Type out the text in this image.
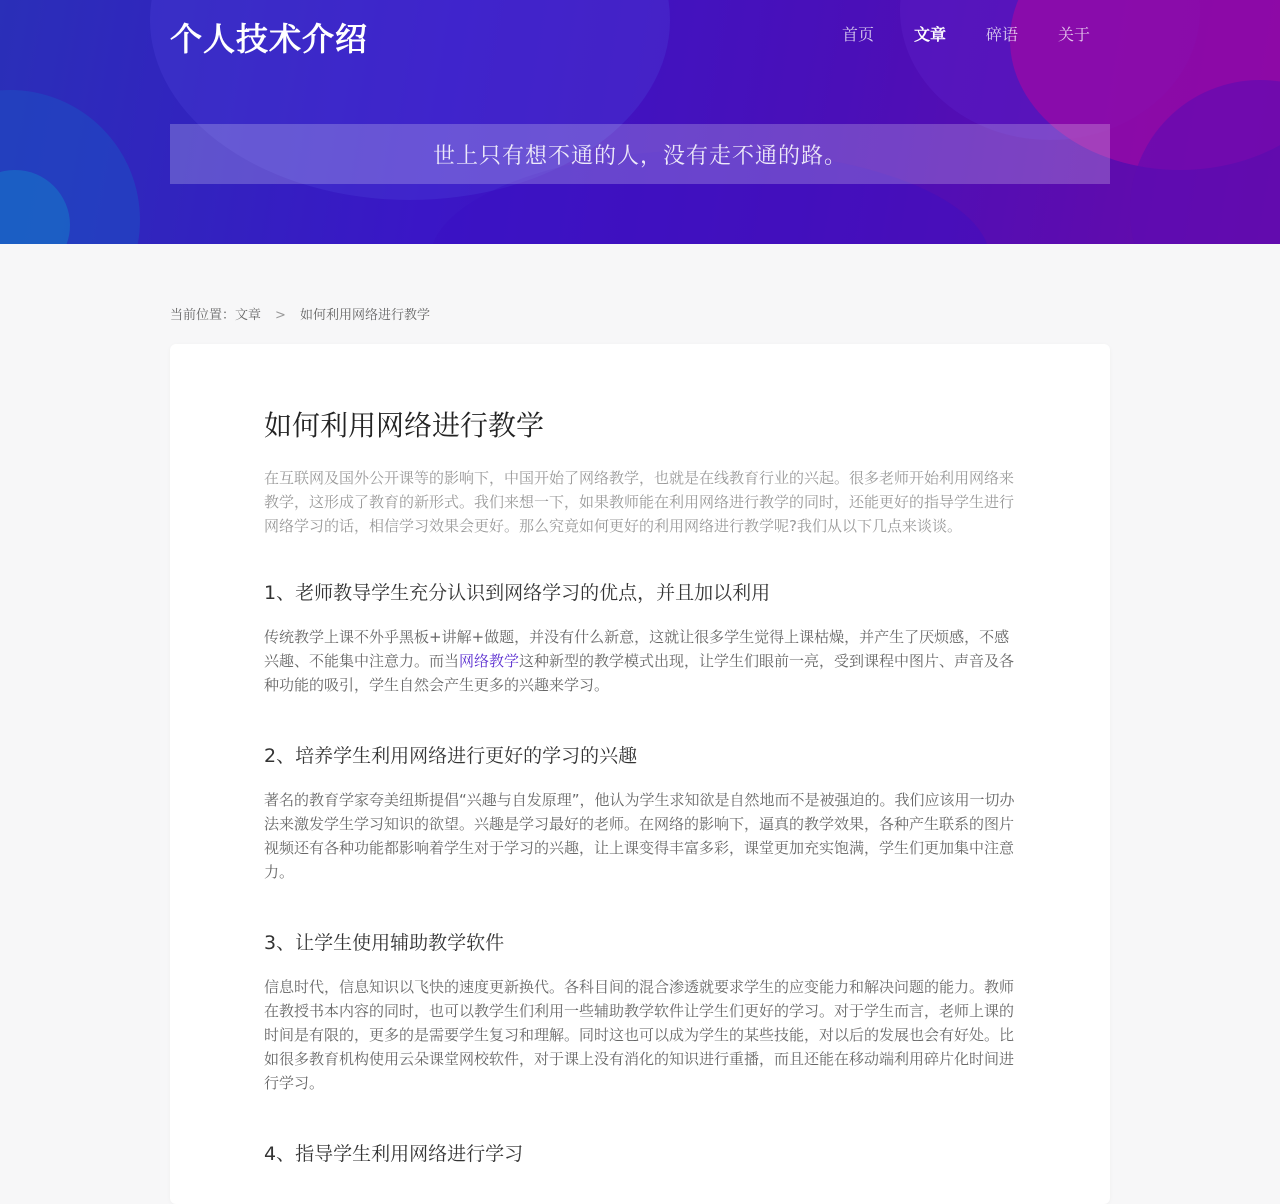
个人技术介绍	首页	文章	碎语	关于
世上只有想不通的人，没有走不通的路。
当前位置：文章 > 如何利用网络进行教学
如何利用网络进行教学

在互联网及国外公开课等的影响下，中国开始了网络教学，也就是在线教育行业的兴起。很多老师开始利用网络来教学，这形成了教育的新形式。我们来想一下，如果教师能在利用网络进行教学的同时，还能更好的指导学生进行网络学习的话，相信学习效果会更好。那么究竟如何更好的利用网络进行教学呢?我们从以下几点来谈谈。

1、老师教导学生充分认识到网络学习的优点，并且加以利用

传统教学上课不外乎黑板+讲解+做题，并没有什么新意，这就让很多学生觉得上课枯燥，并产生了厌烦感，不感兴趣、不能集中注意力。而当网络教学这种新型的教学模式出现，让学生们眼前一亮，受到课程中图片、声音及各种功能的吸引，学生自然会产生更多的兴趣来学习。

2、培养学生利用网络进行更好的学习的兴趣

著名的教育学家夸美纽斯提倡“兴趣与自发原理”，他认为学生求知欲是自然地而不是被强迫的。我们应该用一切办法来激发学生学习知识的欲望。兴趣是学习最好的老师。在网络的影响下，逼真的教学效果，各种产生联系的图片视频还有各种功能都影响着学生对于学习的兴趣，让上课变得丰富多彩，课堂更加充实饱满，学生们更加集中注意力。

3、让学生使用辅助教学软件

信息时代，信息知识以飞快的速度更新换代。各科目间的混合渗透就要求学生的应变能力和解决问题的能力。教师在教授书本内容的同时，也可以教学生们利用一些辅助教学软件让学生们更好的学习。对于学生而言，老师上课的时间是有限的，更多的是需要学生复习和理解。同时这也可以成为学生的某些技能，对以后的发展也会有好处。比如很多教育机构使用云朵课堂网校软件，对于课上没有消化的知识进行重播，而且还能在移动端利用碎片化时间进行学习。

4、指导学生利用网络进行学习
